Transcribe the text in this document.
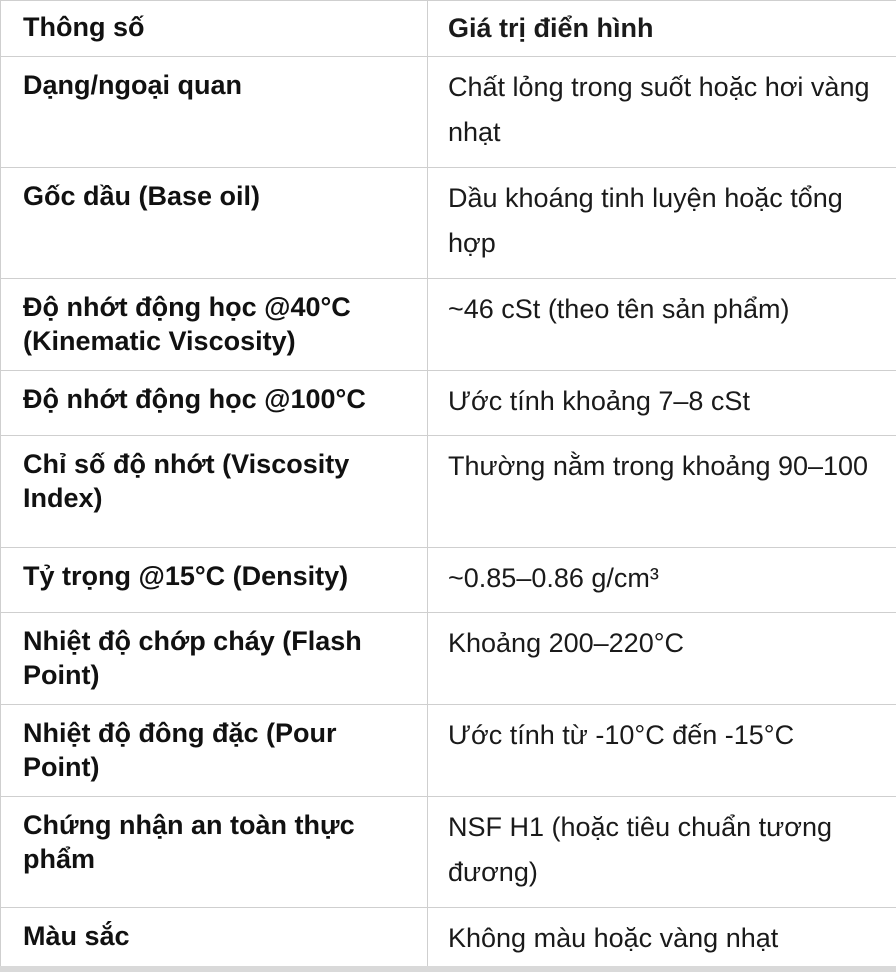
Thông số	Giá trị điển hình
Dạng/ngoại quan	Chất lỏng trong suốt hoặc hơi vàng nhạt
Gốc dầu (Base oil)	Dầu khoáng tinh luyện hoặc tổng hợp
Độ nhớt động học @40°C (Kinematic Viscosity)	~46 cSt (theo tên sản phẩm)
Độ nhớt động học @100°C	Ước tính khoảng 7–8 cSt
Chỉ số độ nhớt (Viscosity Index)	Thường nằm trong khoảng 90–100
Tỷ trọng @15°C (Density)	~0.85–0.86 g/cm³
Nhiệt độ chớp cháy (Flash Point)	Khoảng 200–220°C
Nhiệt độ đông đặc (Pour Point)	Ước tính từ -10°C đến -15°C
Chứng nhận an toàn thực phẩm	NSF H1 (hoặc tiêu chuẩn tương đương)
Màu sắc	Không màu hoặc vàng nhạt
